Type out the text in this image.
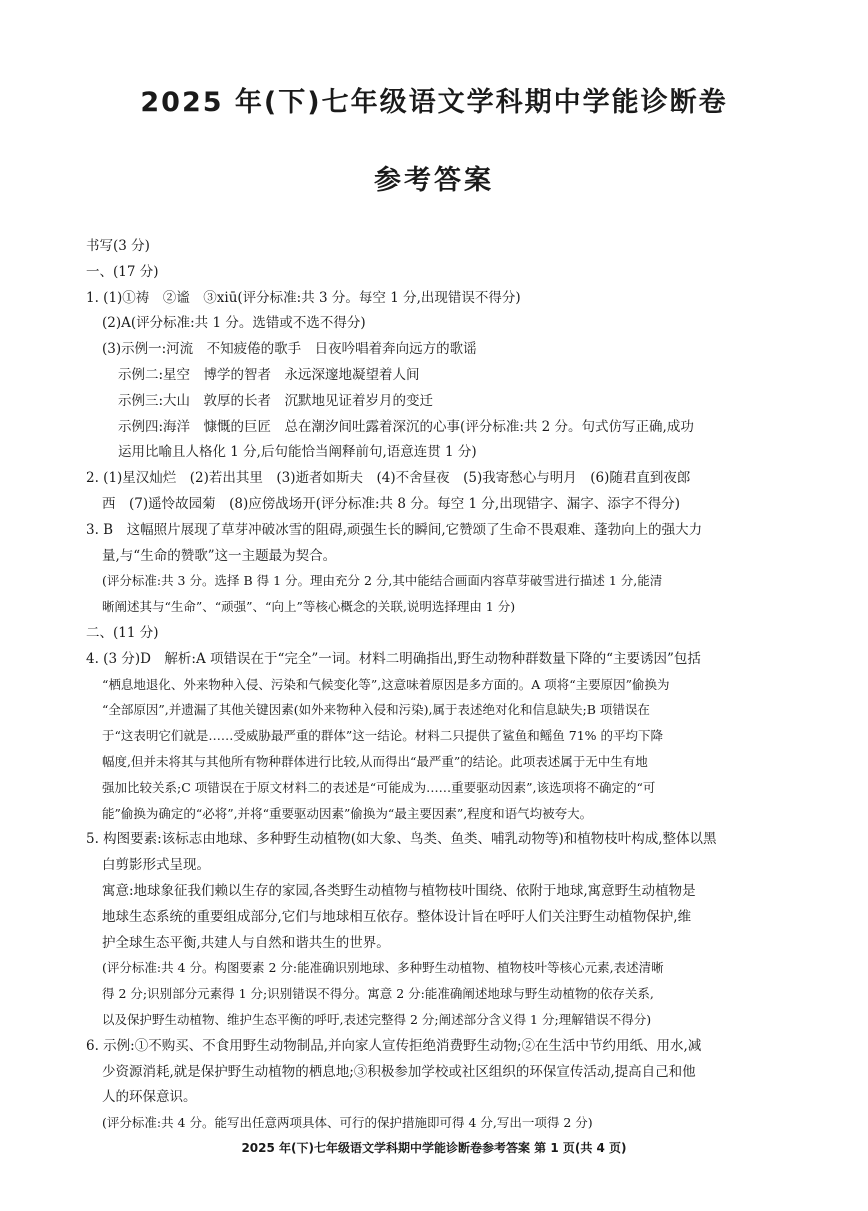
2025 年(下)七年级语文学科期中学能诊断卷
参考答案
书写(3 分)
一、(17 分)
1. (1)①祷　②谧　③xiū(评分标准:共 3 分。每空 1 分,出现错误不得分)
(2)A(评分标准:共 1 分。选错或不选不得分)
(3)示例一:河流　不知疲倦的歌手　日夜吟唱着奔向远方的歌谣
示例二:星空　博学的智者　永远深邃地凝望着人间
示例三:大山　敦厚的长者　沉默地见证着岁月的变迁
示例四:海洋　慷慨的巨匠　总在潮汐间吐露着深沉的心事(评分标准:共 2 分。句式仿写正确,成功
运用比喻且人格化 1 分,后句能恰当阐释前句,语意连贯 1 分)
2. (1)星汉灿烂　(2)若出其里　(3)逝者如斯夫　(4)不舍昼夜　(5)我寄愁心与明月　(6)随君直到夜郎
西　(7)遥怜故园菊　(8)应傍战场开(评分标准:共 8 分。每空 1 分,出现错字、漏字、添字不得分)
3. B　这幅照片展现了草芽冲破冰雪的阻碍,顽强生长的瞬间,它赞颂了生命不畏艰难、蓬勃向上的强大力
量,与“生命的赞歌”这一主题最为契合。
(评分标准:共 3 分。选择 B 得 1 分。理由充分 2 分,其中能结合画面内容草芽破雪进行描述 1 分,能清
晰阐述其与“生命”、“顽强”、“向上”等核心概念的关联,说明选择理由 1 分)
二、(11 分)
4. (3 分)D　解析:A 项错误在于“完全”一词。材料二明确指出,野生动物种群数量下降的“主要诱因”包括
“栖息地退化、外来物种入侵、污染和气候变化等”,这意味着原因是多方面的。A 项将“主要原因”偷换为
“全部原因”,并遗漏了其他关键因素(如外来物种入侵和污染),属于表述绝对化和信息缺失;B 项错误在
于“这表明它们就是……受威胁最严重的群体”这一结论。材料二只提供了鲨鱼和鳐鱼 71% 的平均下降
幅度,但并未将其与其他所有物种群体进行比较,从而得出“最严重”的结论。此项表述属于无中生有地
强加比较关系;C 项错误在于原文材料二的表述是“可能成为……重要驱动因素”,该选项将不确定的“可
能”偷换为确定的“必将”,并将“重要驱动因素”偷换为“最主要因素”,程度和语气均被夸大。
5. 构图要素:该标志由地球、多种野生动植物(如大象、鸟类、鱼类、哺乳动物等)和植物枝叶构成,整体以黑
白剪影形式呈现。
寓意:地球象征我们赖以生存的家园,各类野生动植物与植物枝叶围绕、依附于地球,寓意野生动植物是
地球生态系统的重要组成部分,它们与地球相互依存。整体设计旨在呼吁人们关注野生动植物保护,维
护全球生态平衡,共建人与自然和谐共生的世界。
(评分标准:共 4 分。构图要素 2 分:能准确识别地球、多种野生动植物、植物枝叶等核心元素,表述清晰
得 2 分;识别部分元素得 1 分;识别错误不得分。寓意 2 分:能准确阐述地球与野生动植物的依存关系,
以及保护野生动植物、维护生态平衡的呼吁,表述完整得 2 分;阐述部分含义得 1 分;理解错误不得分)
6. 示例:①不购买、不食用野生动物制品,并向家人宣传拒绝消费野生动物;②在生活中节约用纸、用水,减
少资源消耗,就是保护野生动植物的栖息地;③积极参加学校或社区组织的环保宣传活动,提高自己和他
人的环保意识。
(评分标准:共 4 分。能写出任意两项具体、可行的保护措施即可得 4 分,写出一项得 2 分)
2025 年(下)七年级语文学科期中学能诊断卷参考答案 第 1 页(共 4 页)
